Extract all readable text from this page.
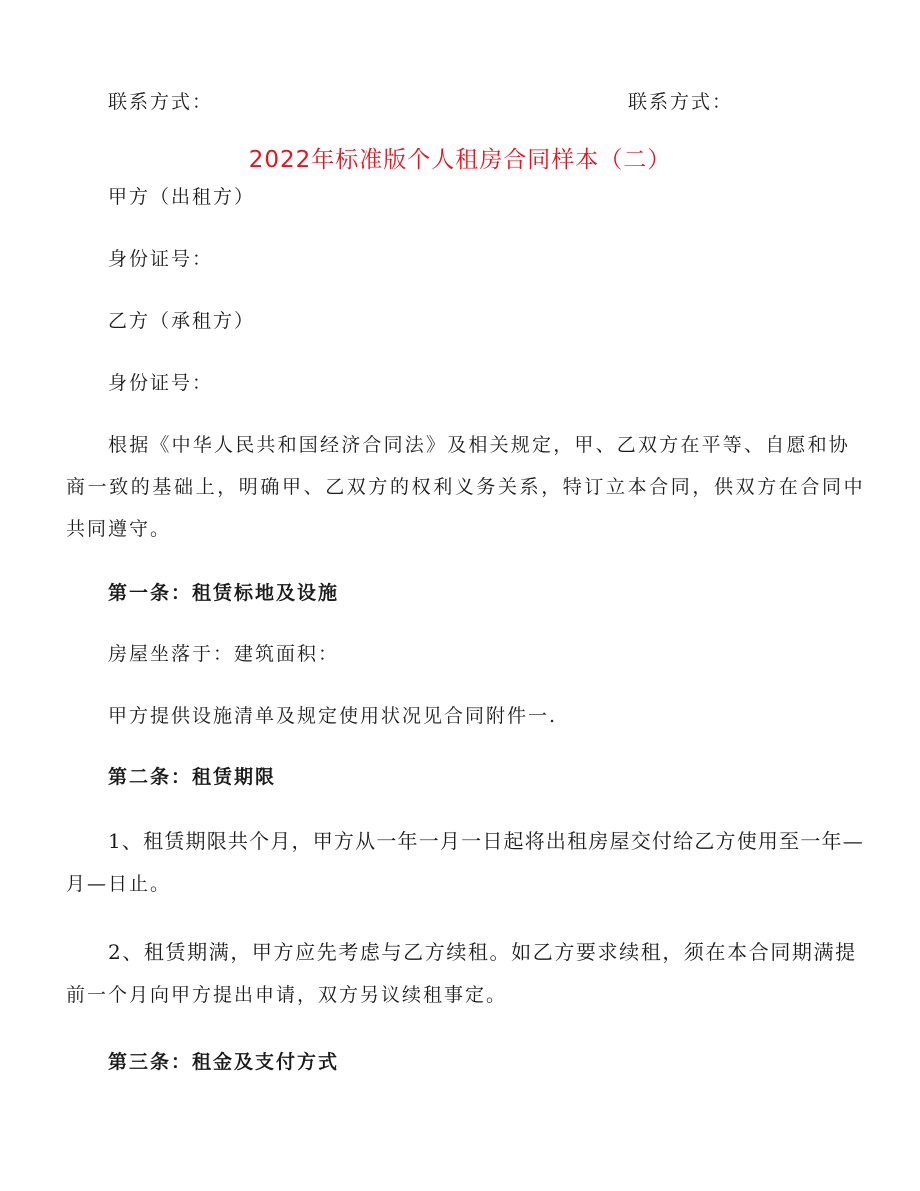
联系方式：	联系方式：
2022年标准版个人租房合同样本（二）
甲方（出租方）
身份证号：
乙方（承租方）
身份证号：
根据《中华人民共和国经济合同法》及相关规定，甲、乙双方在平等、自愿和协
商一致的基础上，明确甲、乙双方的权利义务关系，特订立本合同，供双方在合同中
共同遵守。
第一条：租赁标地及设施
房屋坐落于：建筑面积：
甲方提供设施清单及规定使用状况见合同附件一.
第二条：租赁期限
1、租赁期限共个月，甲方从一年一月一日起将出租房屋交付给乙方使用至一年—
月—日止。
2、租赁期满，甲方应先考虑与乙方续租。如乙方要求续租，须在本合同期满提
前一个月向甲方提出申请，双方另议续租事定。
第三条：租金及支付方式
